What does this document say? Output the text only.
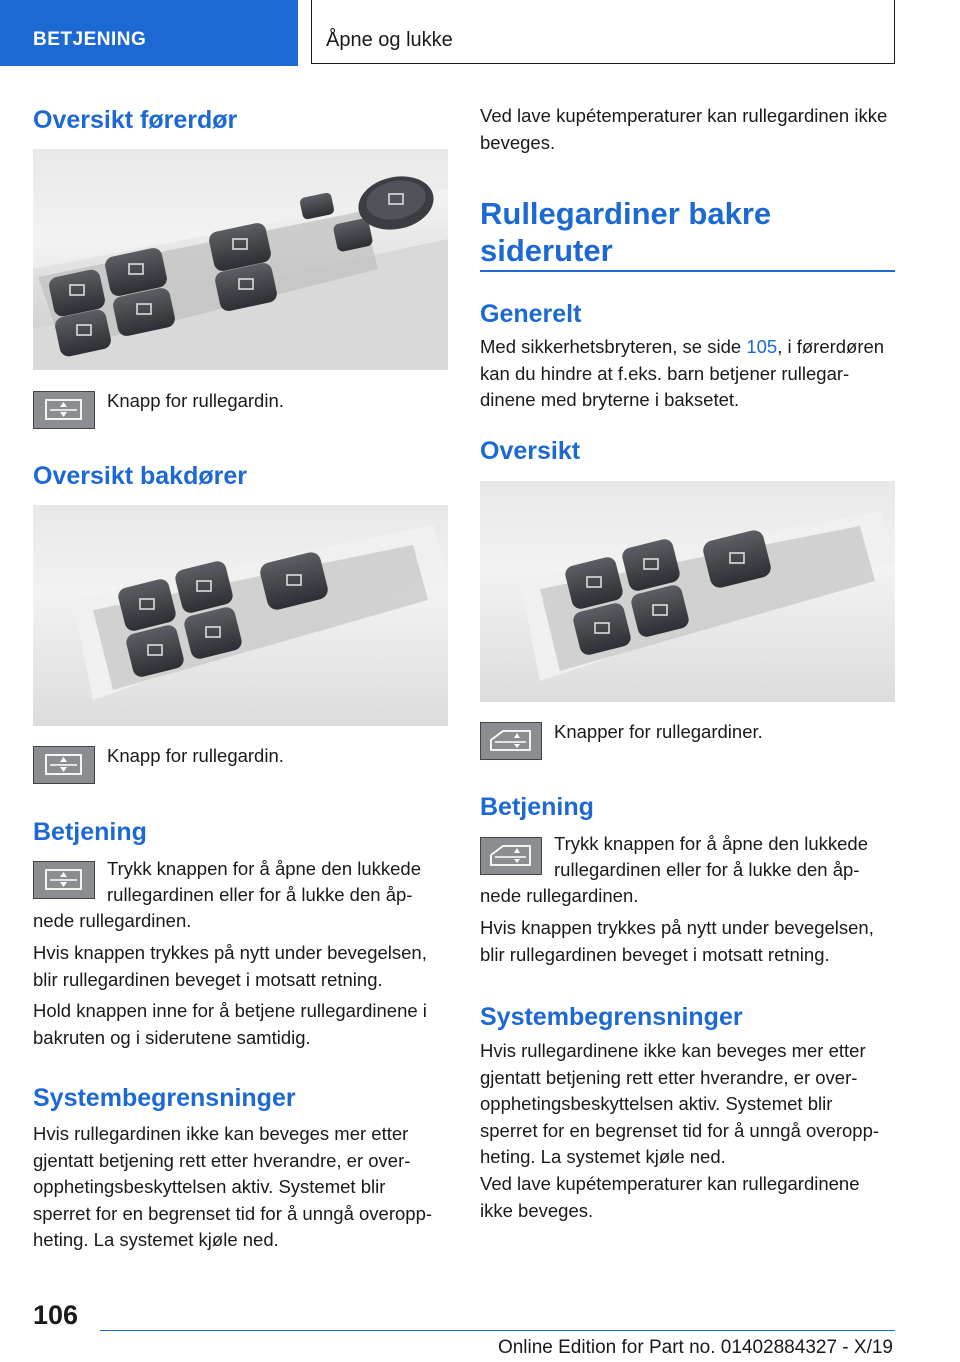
BETJENING	Åpne og lukke
Oversikt førerdør

Knapp for rullegardin.

Oversikt bakdører

Knapp for rullegardin.

Betjening

Trykk knappen for å åpne den lukkede

rullegardinen eller for å lukke den åp-

nede rullegardinen.

Hvis knappen trykkes på nytt under bevegelsen, blir rullegardinen beveget i motsatt retning.

Hold knappen inne for å betjene rullegardinene i bakruten og i siderutene samtidig.

Systembegrensninger

Hvis rullegardinen ikke kan beveges mer etter gjentatt betjening rett etter hverandre, er overopphetingsbeskyttelsen aktiv. Systemet blir sperret for en begrenset tid for å unngå overoppheting. La systemet kjøle ned.

Ved lave kupétemperaturer kan rullegardinen ikke beveges.

Rullegardiner bakre sideruter
Generelt

Med sikkerhetsbryteren, se side 105, i førerdøren kan du hindre at f.eks. barn betjener rullegardinene med bryterne i baksetet.

Oversikt

Knapper for rullegardiner.

Betjening

Trykk knappen for å åpne den lukkede

rullegardinen eller for å lukke den åp-

nede rullegardinen.

Hvis knappen trykkes på nytt under bevegelsen, blir rullegardinen beveget i motsatt retning.

Systembegrensninger

Hvis rullegardinene ikke kan beveges mer etter gjentatt betjening rett etter hverandre, er overopphetingsbeskyttelsen aktiv. Systemet blir sperret for en begrenset tid for å unngå overoppheting. La systemet kjøle ned.

Ved lave kupétemperaturer kan rullegardinene ikke beveges.

106
Online Edition for Part no. 01402884327 - X/19
